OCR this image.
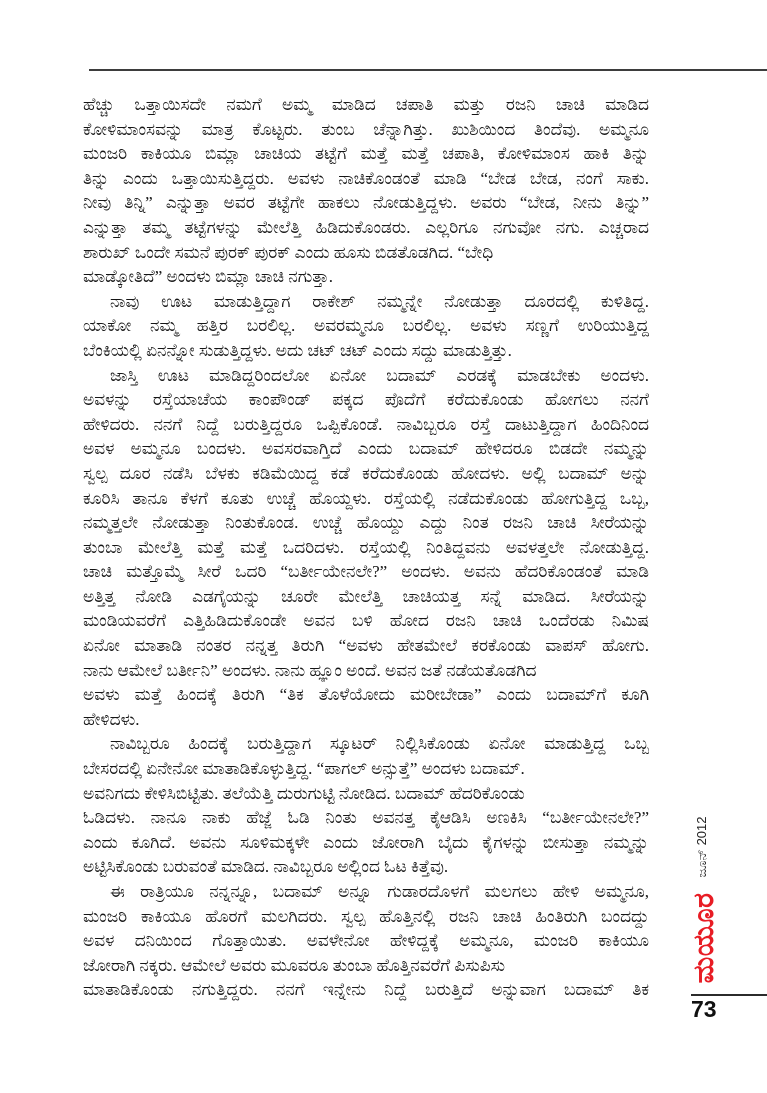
ಹೆಚ್ಚು ಒತ್ತಾಯಿಸದೇ ನಮಗೆ ಅಮ್ಮ ಮಾಡಿದ ಚಪಾತಿ ಮತ್ತು ರಜನಿ ಚಾಚಿ ಮಾಡಿದ
ಕೋಳಿಮಾಂಸವನ್ನು ಮಾತ್ರ ಕೊಟ್ಟರು. ತುಂಬ ಚೆನ್ನಾಗಿತ್ತು. ಖುಶಿಯಿಂದ ತಿಂದೆವು. ಅಮ್ಮನೂ
ಮಂಜರಿ ಕಾಕಿಯೂ ಬಿಮ್ಲಾ ಚಾಚಿಯ ತಟ್ಟೆಗೆ ಮತ್ತೆ ಮತ್ತೆ ಚಪಾತಿ, ಕೋಳಿಮಾಂಸ ಹಾಕಿ ತಿನ್ನು
ತಿನ್ನು ಎಂದು ಒತ್ತಾಯಿಸುತ್ತಿದ್ದರು. ಅವಳು ನಾಚಿಕೊಂಡಂತೆ ಮಾಡಿ “ಬೇಡ ಬೇಡ, ನಂಗೆ ಸಾಕು.
ನೀವು ತಿನ್ನಿ” ಎನ್ನುತ್ತಾ ಅವರ ತಟ್ಟೆಗೇ ಹಾಕಲು ನೋಡುತ್ತಿದ್ದಳು. ಅವರು “ಬೇಡ, ನೀನು ತಿನ್ನು”
ಎನ್ನುತ್ತಾ ತಮ್ಮ ತಟ್ಟೆಗಳನ್ನು ಮೇಲೆತ್ತಿ ಹಿಡಿದುಕೊಂಡರು. ಎಲ್ಲರಿಗೂ ನಗುವೋ ನಗು. ಎಚ್ಚರಾದ
ಶಾರುಖ್ ಒಂದೇ ಸಮನೆ ಪುರಕ್ ಪುರಕ್ ಎಂದು ಹೂಸು ಬಿಡತೊಡಗಿದ. “ಬೇಧಿ
ಮಾಡ್ಕೋತಿದೆ” ಅಂದಳು ಬಿಮ್ಲಾ ಚಾಚಿ ನಗುತ್ತಾ.
ನಾವು ಊಟ ಮಾಡುತ್ತಿದ್ದಾಗ ರಾಕೇಶ್ ನಮ್ಮನ್ನೇ ನೋಡುತ್ತಾ ದೂರದಲ್ಲಿ ಕುಳಿತಿದ್ದ.
ಯಾಕೋ ನಮ್ಮ ಹತ್ತಿರ ಬರಲಿಲ್ಲ. ಅವರಮ್ಮನೂ ಬರಲಿಲ್ಲ. ಅವಳು ಸಣ್ಣಗೆ ಉರಿಯುತ್ತಿದ್ದ
ಬೆಂಕಿಯಲ್ಲಿ ಏನನ್ನೋ ಸುಡುತ್ತಿದ್ದಳು. ಅದು ಚಟ್ ಚಟ್ ಎಂದು ಸದ್ದು ಮಾಡುತ್ತಿತ್ತು.
ಜಾಸ್ತಿ ಊಟ ಮಾಡಿದ್ದರಿಂದಲೋ ಏನೋ ಬದಾಮ್ ಎರಡಕ್ಕೆ ಮಾಡಬೇಕು ಅಂದಳು.
ಅವಳನ್ನು ರಸ್ತೆಯಾಚೆಯ ಕಾಂಪೌಂಡ್ ಪಕ್ಕದ ಪೊದೆಗೆ ಕರೆದುಕೊಂಡು ಹೋಗಲು ನನಗೆ
ಹೇಳಿದರು. ನನಗೆ ನಿದ್ದೆ ಬರುತ್ತಿದ್ದರೂ ಒಪ್ಪಿಕೊಂಡೆ. ನಾವಿಬ್ಬರೂ ರಸ್ತೆ ದಾಟುತ್ತಿದ್ದಾಗ ಹಿಂದಿನಿಂದ
ಅವಳ ಅಮ್ಮನೂ ಬಂದಳು. ಅವಸರವಾಗ್ತಿದೆ ಎಂದು ಬದಾಮ್ ಹೇಳಿದರೂ ಬಿಡದೇ ನಮ್ಮನ್ನು
ಸ್ವಲ್ಪ ದೂರ ನಡೆಸಿ ಬೆಳಕು ಕಡಿಮೆಯಿದ್ದ ಕಡೆ ಕರೆದುಕೊಂಡು ಹೋದಳು. ಅಲ್ಲಿ ಬದಾಮ್ ಅನ್ನು
ಕೂರಿಸಿ ತಾನೂ ಕೆಳಗೆ ಕೂತು ಉಚ್ಚೆ ಹೊಯ್ದಳು. ರಸ್ತೆಯಲ್ಲಿ ನಡೆದುಕೊಂಡು ಹೋಗುತ್ತಿದ್ದ ಒಬ್ಬ,
ನಮ್ಮತ್ತಲೇ ನೋಡುತ್ತಾ ನಿಂತುಕೊಂಡ. ಉಚ್ಚೆ ಹೊಯ್ದು ಎದ್ದು ನಿಂತ ರಜನಿ ಚಾಚಿ ಸೀರೆಯನ್ನು
ತುಂಬಾ ಮೇಲೆತ್ತಿ ಮತ್ತೆ ಮತ್ತೆ ಒದರಿದಳು. ರಸ್ತೆಯಲ್ಲಿ ನಿಂತಿದ್ದವನು ಅವಳತ್ತಲೇ ನೋಡುತ್ತಿದ್ದ.
ಚಾಚಿ ಮತ್ತೊಮ್ಮೆ ಸೀರೆ ಒದರಿ “ಬರ್ತೀಯೇನಲೇ?” ಅಂದಳು. ಅವನು ಹೆದರಿಕೊಂಡಂತೆ ಮಾಡಿ
ಅತ್ತಿತ್ತ ನೋಡಿ ಎಡಗೈಯನ್ನು ಚೂರೇ ಮೇಲೆತ್ತಿ ಚಾಚಿಯತ್ತ ಸನ್ನೆ ಮಾಡಿದ. ಸೀರೆಯನ್ನು
ಮಂಡಿಯವರೆಗೆ ಎತ್ತಿಹಿಡಿದುಕೊಂಡೇ ಅವನ ಬಳಿ ಹೋದ ರಜನಿ ಚಾಚಿ ಒಂದೆರಡು ನಿಮಿಷ
ಏನೋ ಮಾತಾಡಿ ನಂತರ ನನ್ನತ್ತ ತಿರುಗಿ “ಅವಳು ಹೇತಮೇಲೆ ಕರಕೊಂಡು ವಾಪಸ್ ಹೋಗು.
ನಾನು ಆಮೇಲೆ ಬರ್ತೀನಿ” ಅಂದಳು. ನಾನು ಹ್ಞೂಂ ಅಂದೆ. ಅವನ ಜತೆ ನಡೆಯತೊಡಗಿದ
ಅವಳು ಮತ್ತೆ ಹಿಂದಕ್ಕೆ ತಿರುಗಿ “ತಿಕ ತೊಳೆಯೋದು ಮರೀಬೇಡಾ” ಎಂದು ಬದಾಮ್‌ಗೆ ಕೂಗಿ
ಹೇಳಿದಳು.
ನಾವಿಬ್ಬರೂ ಹಿಂದಕ್ಕೆ ಬರುತ್ತಿದ್ದಾಗ ಸ್ಕೂಟರ್ ನಿಲ್ಲಿಸಿಕೊಂಡು ಏನೋ ಮಾಡುತ್ತಿದ್ದ ಒಬ್ಬ
ಬೇಸರದಲ್ಲಿ ಏನೇನೋ ಮಾತಾಡಿಕೊಳ್ಳುತ್ತಿದ್ದ. “ಪಾಗಲ್ ಅನ್ಸುತ್ತೆ” ಅಂದಳು ಬದಾಮ್.
ಅವನಿಗದು ಕೇಳಿಸಿಬಿಟ್ಟಿತು. ತಲೆಯೆತ್ತಿ ದುರುಗುಟ್ಟಿ ನೋಡಿದ. ಬದಾಮ್ ಹೆದರಿಕೊಂಡು
ಓಡಿದಳು. ನಾನೂ ನಾಕು ಹೆಜ್ಜೆ ಓಡಿ ನಿಂತು ಅವನತ್ತ ಕೈಆಡಿಸಿ ಅಣಕಿಸಿ “ಬರ್ತೀಯೇನಲೇ?”
ಎಂದು ಕೂಗಿದೆ. ಅವನು ಸೂಳಿಮಕ್ಕಳೇ ಎಂದು ಜೋರಾಗಿ ಬೈದು ಕೈಗಳನ್ನು ಬೀಸುತ್ತಾ ನಮ್ಮನ್ನು
ಅಟ್ಟಿಸಿಕೊಂಡು ಬರುವಂತೆ ಮಾಡಿದ. ನಾವಿಬ್ಬರೂ ಅಲ್ಲಿಂದ ಓಟ ಕಿತ್ತೆವು.
ಈ ರಾತ್ರಿಯೂ ನನ್ನನ್ನೂ, ಬದಾಮ್ ಅನ್ನೂ ಗುಡಾರದೊಳಗೆ ಮಲಗಲು ಹೇಳಿ ಅಮ್ಮನೂ,
ಮಂಜರಿ ಕಾಕಿಯೂ ಹೊರಗೆ ಮಲಗಿದರು. ಸ್ವಲ್ಪ ಹೊತ್ತಿನಲ್ಲಿ ರಜನಿ ಚಾಚಿ ಹಿಂತಿರುಗಿ ಬಂದದ್ದು
ಅವಳ ದನಿಯಿಂದ ಗೊತ್ತಾಯಿತು. ಅವಳೇನೋ ಹೇಳಿದ್ದಕ್ಕೆ ಅಮ್ಮನೂ, ಮಂಜರಿ ಕಾಕಿಯೂ
ಜೋರಾಗಿ ನಕ್ಕರು. ಆಮೇಲೆ ಅವರು ಮೂವರೂ ತುಂಬಾ ಹೊತ್ತಿನವರೆಗೆ ಪಿಸುಪಿಸು
ಮಾತಾಡಿಕೊಂಡು ನಗುತ್ತಿದ್ದರು. ನನಗೆ ಇನ್ನೇನು ನಿದ್ದೆ ಬರುತ್ತಿದೆ ಅನ್ನುವಾಗ ಬದಾಮ್ ತಿಕ
ಜೂನ್ 2012
ಮಯೂರ
73
